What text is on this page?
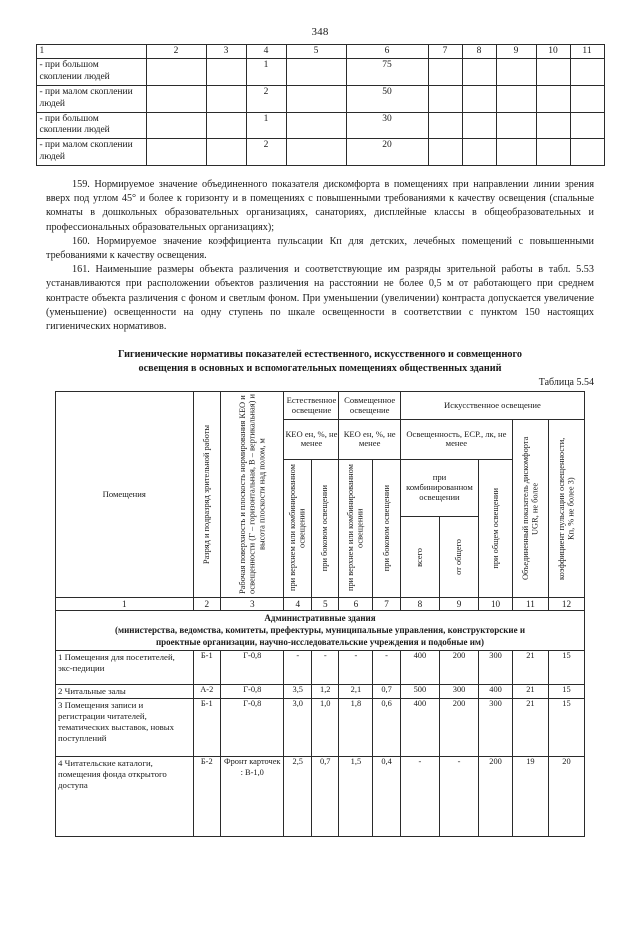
348
1	2	3	4	5	6	7	8	9	10	11
- при большом скоплении людей			1		75					
- при малом скоплении людей			2		50					
- при большом скоплении людей			1		30					
- при малом скоплении людей			2		20					

159. Нормируемое значение объединенного показателя дискомфорта в помещениях при направлении линии зрения вверх под углом 45° и более к горизонту и в помещениях с повышенными требованиями к качеству освещения (спальные комнаты в дошкольных образовательных организациях, санаториях, дисплейные классы в общеобразовательных и профессиональных образовательных организациях);

160. Нормируемое значение коэффициента пульсации Кп для детских, лечебных помещений с повышенными требованиями к качеству освещения.

161. Наименьшие размеры объекта различения и соответствующие им разряды зрительной работы в табл. 5.53 устанавливаются при расположении объектов различения на расстоянии не более 0,5 м от работающего при среднем контрасте объекта различения с фоном и светлым фоном. При уменьшении (увеличении) контраста допускается увеличение (уменьшение) освещенности на одну ступень по шкале освещенности в соответствии с пунктом 150 настоящих гигиенических нормативов.

Гигиенические нормативы показателей естественного, искусственного и совмещенного
освещения в основных и вспомогательных помещениях общественных зданий
Таблица 5.54
Помещения	Разряд и подразряд зрительной работы	Рабочая поверхность и плоскость нормирования КЕО и освещенности (Г – горизонтальная, В – вертикальная) и высота плоскости над полом, м	Естественное освещение		Совмещенное освещение		Искусственное освещение				
			КЕО ен, %, не менее		КЕО ен, %, не менее		Освещенность, ЕСР., лк, не менее			Объединенный показатель дискомфорта UGR, не более	коэффициент пульсации освещенности, Кп, % не более 3)

			при верхнем или комбинированном освещении	при боковом освещении	при верхнем или комбинированном освещении	при боковом освещении	при комбинированном освещении		при общем освещении		

							всего	от общего			

1	2	3	4	5	6	7	8	9	10	11	12

Административные здания
(министерства, ведомства, комитеты, префектуры, муниципальные управления, конструкторские и
проектные организации, научно-исследовательские учреждения и подобные им)											

1 Помещения для посетителей, экс-педиции	Б-1	Г-0,8	-	-	-	-	400	200	300	21	15
2 Читальные залы	А-2	Г-0,8	3,5	1,2	2,1	0,7	500	300	400	21	15
3 Помещения записи и регистрации читателей, тематических выставок, новых поступлений	Б-1	Г-0,8	3,0	1,0	1,8	0,6	400	200	300	21	15
4 Читательские каталоги, помещения фонда открытого доступа	Б-2	Фронт карточек : В-1,0	2,5	0,7	1,5	0,4	-	-	200	19	20
